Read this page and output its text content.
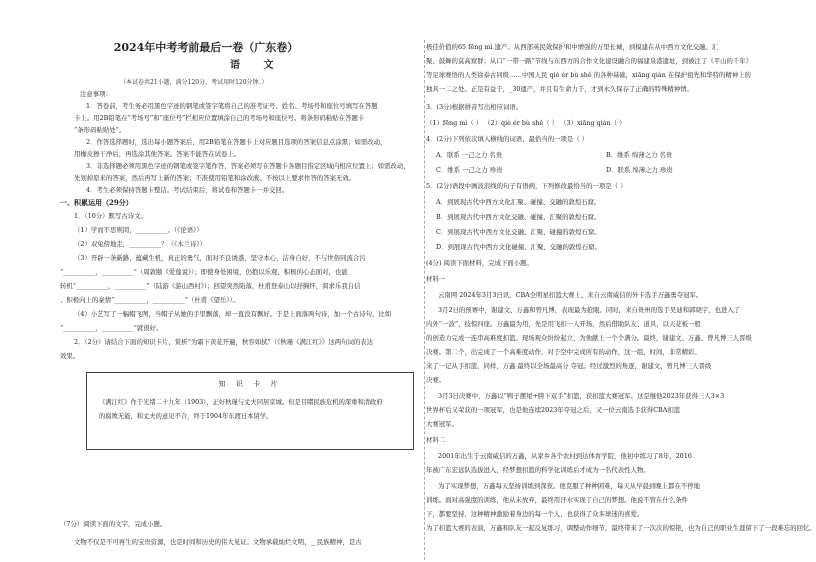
2024年中考考前最后一卷（广东卷）
语 文
（本试卷共21小题，满分120分，考试用时120分钟。）
注意事项：
1．答卷前，考生务必用黑色字迹的钢笔或签字笔将自己的准考证号、姓名、考场号和座位号填写在答题
卡上。用2B铅笔在“考场号”和“座位号”栏相应位置填涂自己的考场号和座位号。将条形码粘贴在答题卡
“条形码粘贴处”。
2．作答选择题时，选出每小题答案后，用2B铅笔在答题卡上对应题目选项的答案信息点涂黑；如需改动，
用橡皮擦干净后，再选涂其他答案。答案不能答在试卷上。
3．非选择题必须用黑色字迹的钢笔或签字笔作答，答案必须写在答题卡各题目指定区域内相应位置上；如需改动，
先划掉原来的答案，然后再写上新的答案；不准使用铅笔和涂改液。不按以上要求作答的答案无效。
4．考生必须保持答题卡整洁。考试结束后，将试卷和答题卡一并交回。
一、积累运用（29分）
1．（10分）默写古诗文。
（1）学而不思则罔，__________。（《论语》）
（2）双兔傍地走，__________？（《木兰诗》）
（3）开辟一条新路，蕴藏生机，真正的勇气，面对不良诱惑，坚守本心，洁身自好，不与世俗同流合污
“__________，__________”（周敦颐《爱莲说》）；即使身处困境，仍抱以乐观、积极的心态面对，也能
转机“__________，__________”（陆游《游山西村》）；回望突然陷落，杜甫登泰山以抒胸怀，渴求乐我自信
、积极向上的豪情“__________，__________”（杜甫《望岳》）。
（4）小艺写了一幅帽飞图，当帽子从她的手里飘落，却一直没有飘好。于是上面落两句诗，加一个古诗句，比如
“__________，__________”就很好。
2．（2分）请结合下面的知识卡片，赏析“为霜下黄花开遍，秋容如拭”（《秋瑾《满江红》》这两句词的表达
效果。
知 识 卡 片
《满江红》作于光绪二十九年（1903），正好秋瑾与丈夫同居京城。但是目睹民族危机的深重和清政府
的腐败无能，和丈夫的意见不合，终于1904年东渡日本留学。
（7分）阅读下面的文字，完成小题。
文物不仅是不可再生的宝贵资源，也是时间和历史的伟大见证。文物承载灿烂文明、__民族精神，是古
极佳价值的65 fēng mì 遗产。从西部英民效保护和中增强的万里长城，到模建在从中西方文化交融、汇
聚、鼓舞的莫高窟群；从口“一带一路”节线与东西方的合作文化建设融合的福建泉港遗址，到被注了《平山的千年》
等足球赛悟的人类徐泰古同级……中国人民 qiè ér bù shě 的各种基础，xiāng qián 在保护祖先和华特的精神上的
独具一二之处。正是有益于，_30遗产，并且有生命力于，才到永久保存了正确的特殊精神情。
3．(3分)根据拼音写出相应词语。
（1）fēng mì（ ） （2）qiè ér bù shě（ ） （3）xiāng qián（ ）
4．(2分)下列依次填入横线的词语，最恰当的一项是（ ）
A．联系 一己之力 名贵	B．维系 绵薄之力 名贵
C．维系 一己之力 珍贵	D．联系 绵薄之力 珍贵
5．(2分)语段中画波浪线的句子有语病，下列修改最恰当的一项是（ ）
A．到展现古代中西方文化汇聚、碰撞、交融的敦煌石窟。
B．到展现古代中西方文化交融、碰撞、汇聚的敦煌石窟。
C．到展现古代中西方文化交融、汇聚、碰撞的敦煌石窟。
D．到展现古代中西方文化碰撞、汇聚、交融的敦煌石窟。
(4分) 阅读下面材料，完成下面小题。
材料一
云南网 2024年3月3日讯，CBA全明星扣篮大赛上，来自云南威信的外卡选手万鑫勇夺冠军。
3月2日的预赛中，谢建文、万鑫和曾凡博，表现最为抢眼。同时，来自贵州的选手吴迪和郭晓宇，也进入了
内外“一波”，技惊四座。万鑫最为用，先是用飞扣一人开场，然后借助队友、道具，以天花板一般
的创造力完成一连串高难度扣篮。现场观众纷纷起立，为他献上一个个满分。最终，谢建文、万鑫、曾凡博三人晋级
决赛。第二个，出完成了一个高难度动作，对于空中完成所有的动作，这一组，时间，非常精彩。
来了一记从手扣篮，同样，万鑫 最终以全场最高分 夺冠。经过激烈的角逐，谢建文、曾凡博三人晋级
决赛。
3月3日决赛中，万鑫以“鸭子摆尾+胯下双手”扣篮，获扣篮大赛冠军。这是继他2023年获得三人3×3
世界杯后又荣获的一项冠军，也是他连续2023年夺冠之后，又一位云南选手获得CBA扣篮
大赛冠军。
材料二
2001年出生于云南威信的万鑫，从家乡各个农村到达体育学院，他初中练习了8年，2016
年被广东宏远队选拔进入，经梦想扣篮的科学化训练后才成为一名代表性人物。
为了实现梦想，万鑫每天坚持训练到深夜。他克服了种种困难，每天从早晨到晚上都在不停地
训练。面对高强度的训练，他从未放弃，最终用汗水实现了自己的梦想。他说不管在什么条件
下，都要坚持，这种精神激励着身边的每一个人，也获得了众多球迷的喜爱。
为了扣篮大赛的表演，万鑫和队友一起反复练习，调整动作细节，最终带来了一次次的惊艳，也为自己的职业生涯留下了一段难忘的回忆。
